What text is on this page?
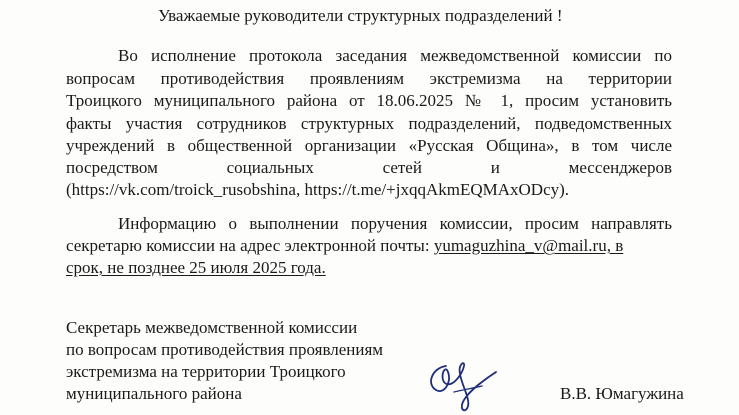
Уважаемые руководители структурных подразделений !
Во исполнение протокола заседания межведомственной комиссии по
вопросам противодействия проявлениям экстремизма на территории
Троицкого муниципального района от 18.06.2025 № 1, просим установить
факты участия сотрудников структурных подразделений, подведомственных
учреждений в общественной организации «Русская Община», в том числе
посредством социальных сетей и мессенджеров
(https://vk.com/troick_rusobshina, https://t.me/+jxqqAkmEQMAxODcy).
Информацию о выполнении поручения комиссии, просим направлять
секретарю комиссии на адрес электронной почты: yumaguzhina_v@mail.ru, в
срок, не позднее 25 июля 2025 года.
Секретарь межведомственной комиссии
по вопросам противодействия проявлениям
экстремизма на территории Троицкого
муниципального района	В.В. Юмагужина
